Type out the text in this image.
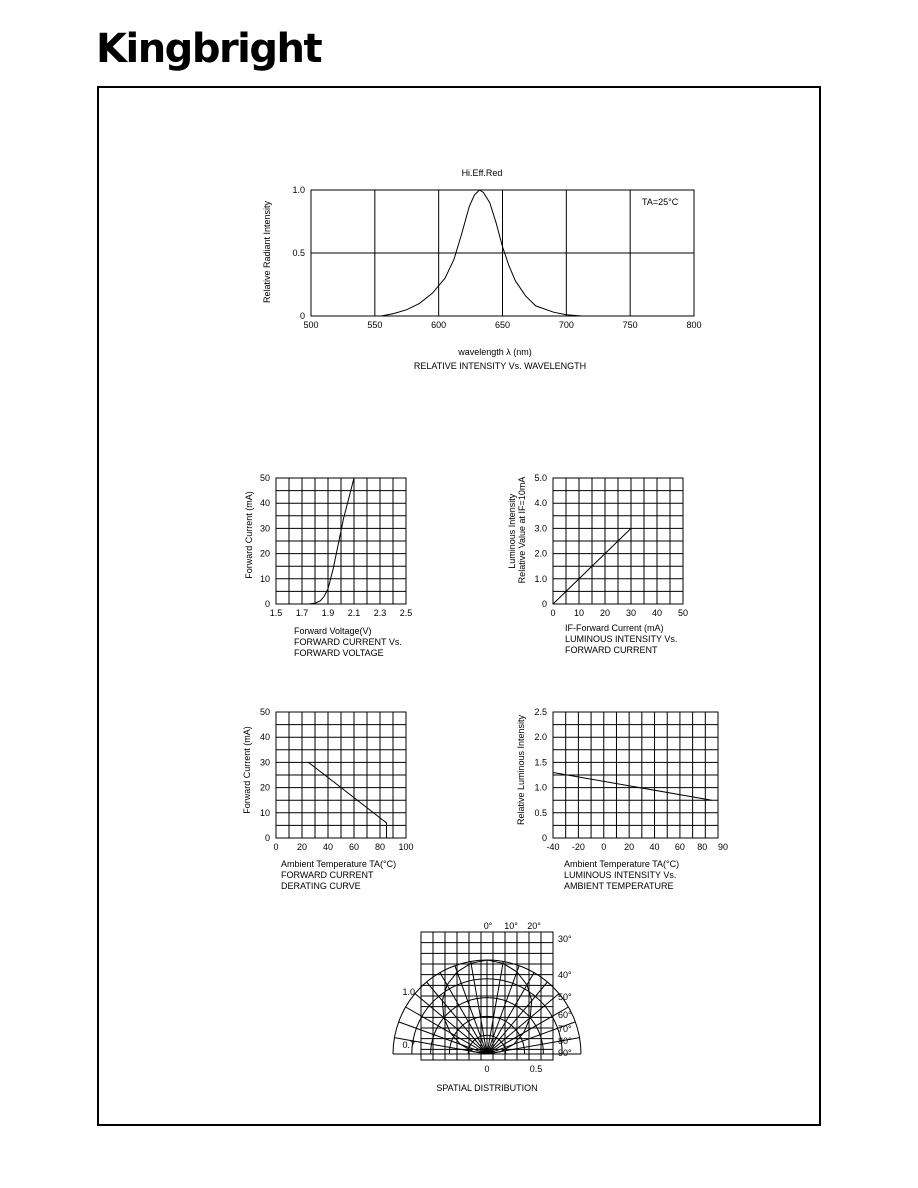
Kingbright
Hi.Eff.Red
TA=25°C
Relative Radiant Intensity
wavelength λ (nm)
RELATIVE INTENSITY Vs. WAVELENGTH
500	550	600	650	700	750	800
0
0.5
1.0
Forward Current (mA)
Forward Voltage(V)
FORWARD CURRENT Vs.
FORWARD VOLTAGE
1.5 1.7 1.9 2.1 2.3 2.5
0
10
20
30
40
50
Luminous Intensity Relative Value at IF=10mA
IF-Forward Current (mA)
LUMINOUS INTENSITY Vs.
FORWARD CURRENT
0 10 20 30 40 50
0
1.0
2.0
3.0
4.0
5.0
Forward Current (mA)
Ambient Temperature TA(°C)
FORWARD CURRENT
DERATING CURVE
0 20 40 60 80 100
0
10
20
30
40
50
Relative Luminous Intensity
Ambient Temperature TA(°C)
LUMINOUS INTENSITY Vs.
AMBIENT TEMPERATURE
-40 -20 0 20 40 60 80 90
0
0.5
1.0
1.5
2.0
2.5
SPATIAL DISTRIBUTION
0° 10° 20°
30°
40°
50°
60°
70°
80°
90°
1.0
0.7
0	0.5
